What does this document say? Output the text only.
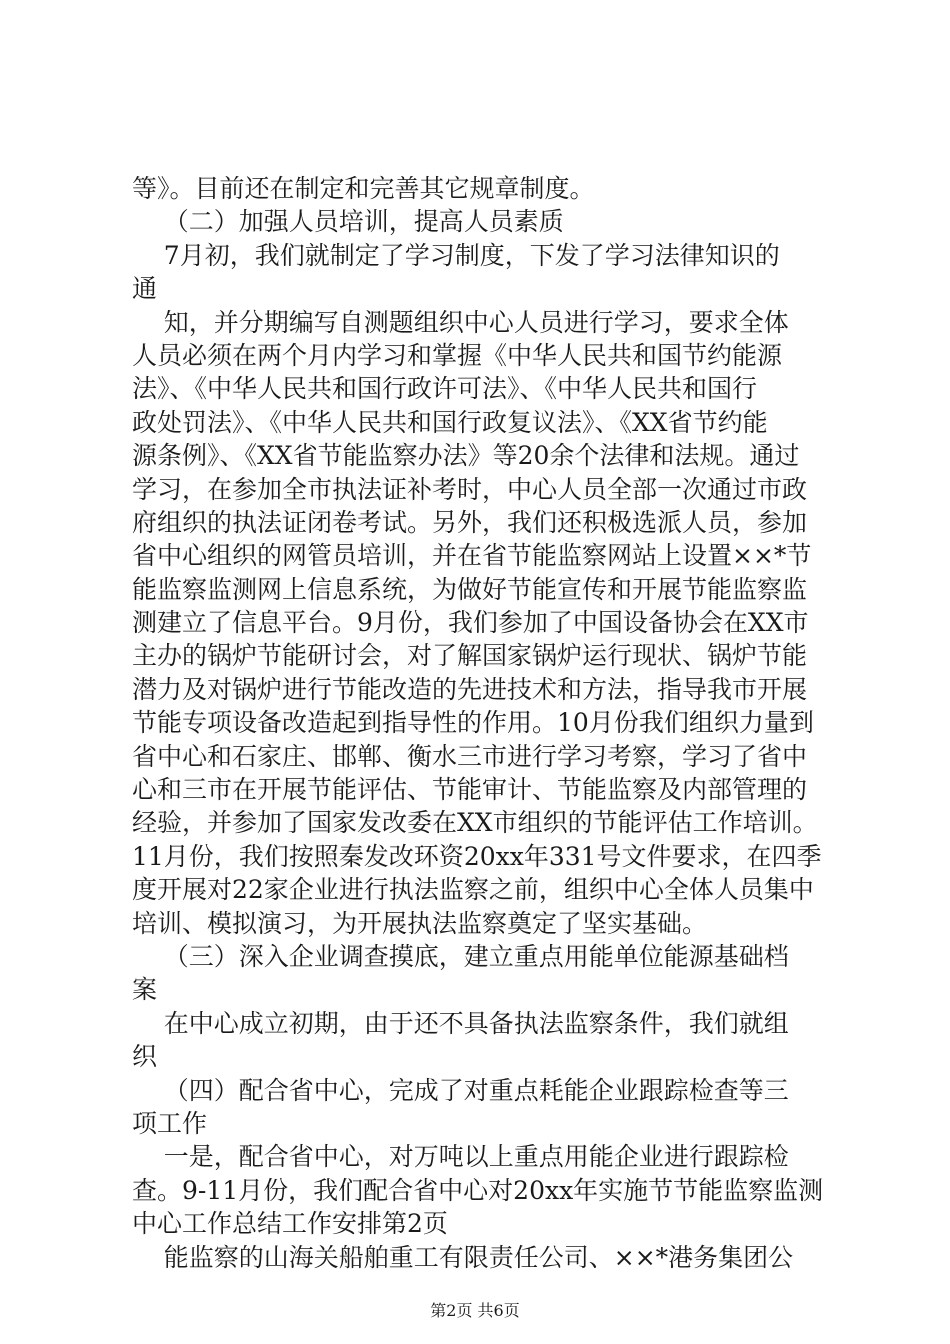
等》。目前还在制定和完善其它规章制度。
（二）加强人员培训，提高人员素质
7月初，我们就制定了学习制度，下发了学习法律知识的
通
知，并分期编写自测题组织中心人员进行学习，要求全体
人员必须在两个月内学习和掌握《中华人民共和国节约能源
法》、《中华人民共和国行政许可法》、《中华人民共和国行
政处罚法》、《中华人民共和国行政复议法》、《XX省节约能
源条例》、《XX省节能监察办法》等20余个法律和法规。通过
学习，在参加全市执法证补考时，中心人员全部一次通过市政
府组织的执法证闭卷考试。另外，我们还积极选派人员，参加
省中心组织的网管员培训，并在省节能监察网站上设置××*节
能监察监测网上信息系统，为做好节能宣传和开展节能监察监
测建立了信息平台。9月份，我们参加了中国设备协会在XX市
主办的锅炉节能研讨会，对了解国家锅炉运行现状、锅炉节能
潜力及对锅炉进行节能改造的先进技术和方法，指导我市开展
节能专项设备改造起到指导性的作用。10月份我们组织力量到
省中心和石家庄、邯郸、衡水三市进行学习考察，学习了省中
心和三市在开展节能评估、节能审计、节能监察及内部管理的
经验，并参加了国家发改委在XX市组织的节能评估工作培训。
11月份，我们按照秦发改环资20xx年331号文件要求，在四季
度开展对22家企业进行执法监察之前，组织中心全体人员集中
培训、模拟演习，为开展执法监察奠定了坚实基础。
（三）深入企业调查摸底，建立重点用能单位能源基础档
案
在中心成立初期，由于还不具备执法监察条件，我们就组
织
（四）配合省中心，完成了对重点耗能企业跟踪检查等三
项工作
一是，配合省中心，对万吨以上重点用能企业进行跟踪检
查。9-11月份，我们配合省中心对20xx年实施节节能监察监测
中心工作总结工作安排第2页
能监察的山海关船舶重工有限责任公司、××*港务集团公
第2页 共6页
